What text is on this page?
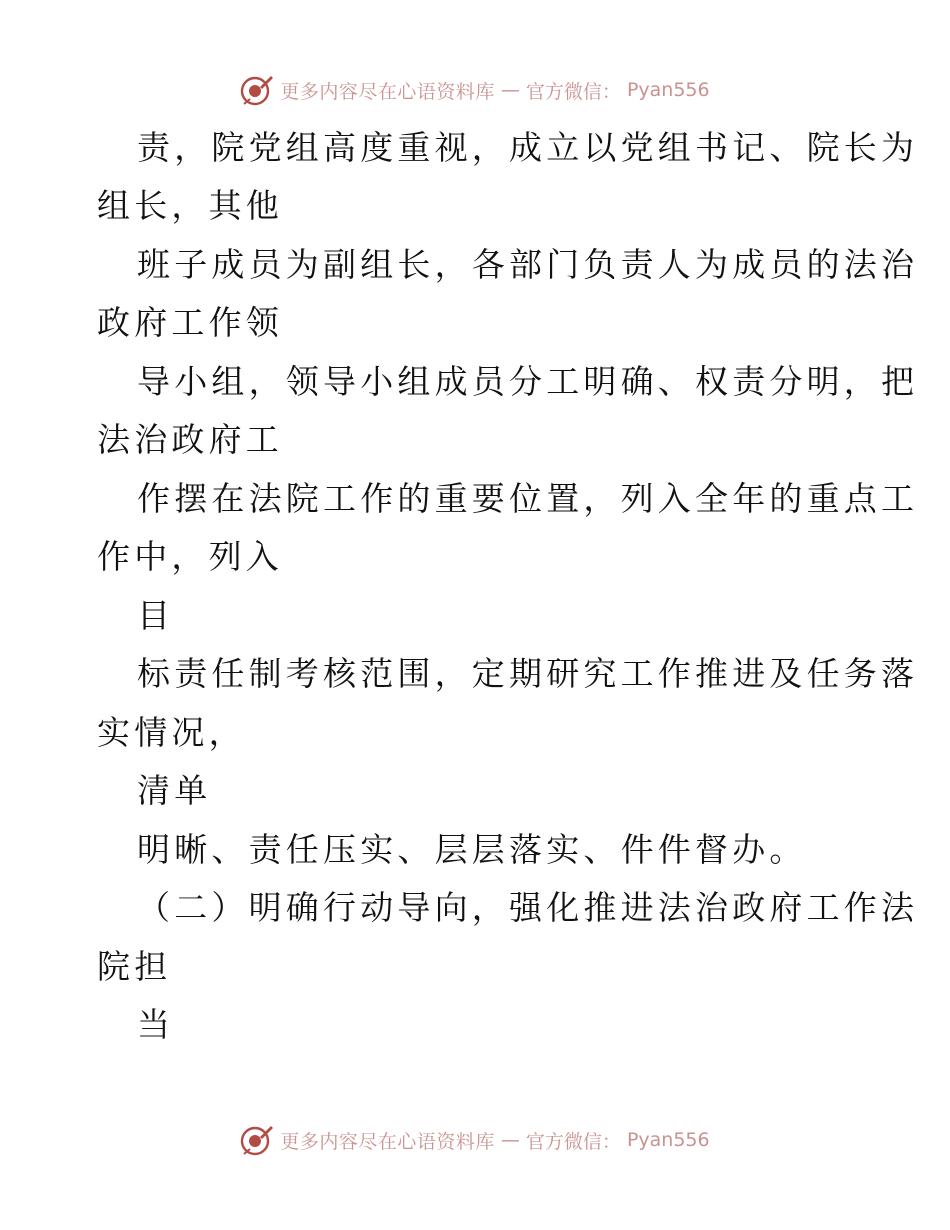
更多内容尽在心语资料库 — 官方微信： Pyan556
责，院党组高度重视，成立以党组书记、院长为
组长，其他
班子成员为副组长，各部门负责人为成员的法治
政府工作领
导小组，领导小组成员分工明确、权责分明，把
法治政府工
作摆在法院工作的重要位置，列入全年的重点工
作中，列入
目
标责任制考核范围，定期研究工作推进及任务落
实情况，
清单
明晰、责任压实、层层落实、件件督办。
（二）明确行动导向，强化推进法治政府工作法
院担
当
更多内容尽在心语资料库 — 官方微信： Pyan556
